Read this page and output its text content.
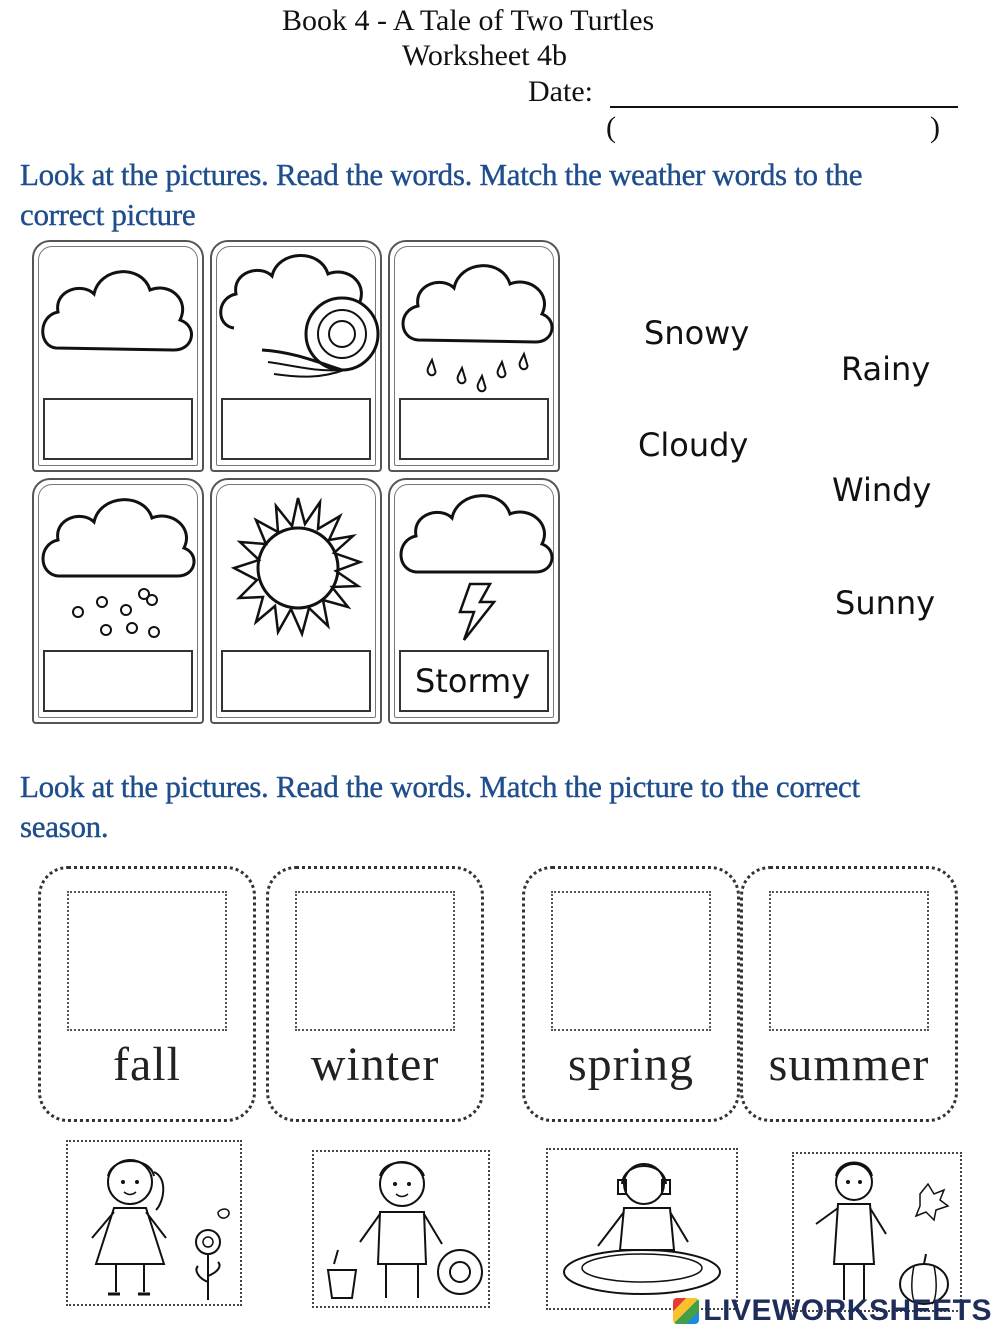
Book 4 - A Tale of Two Turtles
Worksheet 4b
Date:
(	)
Look at the pictures. Read the words. Match the weather words to the
correct picture
Stormy
Snowy
Rainy
Cloudy
Windy
Sunny
Look at the pictures. Read the words. Match the picture to the correct
season.
fall	winter	spring	summer
LIVEWORKSHEETS
